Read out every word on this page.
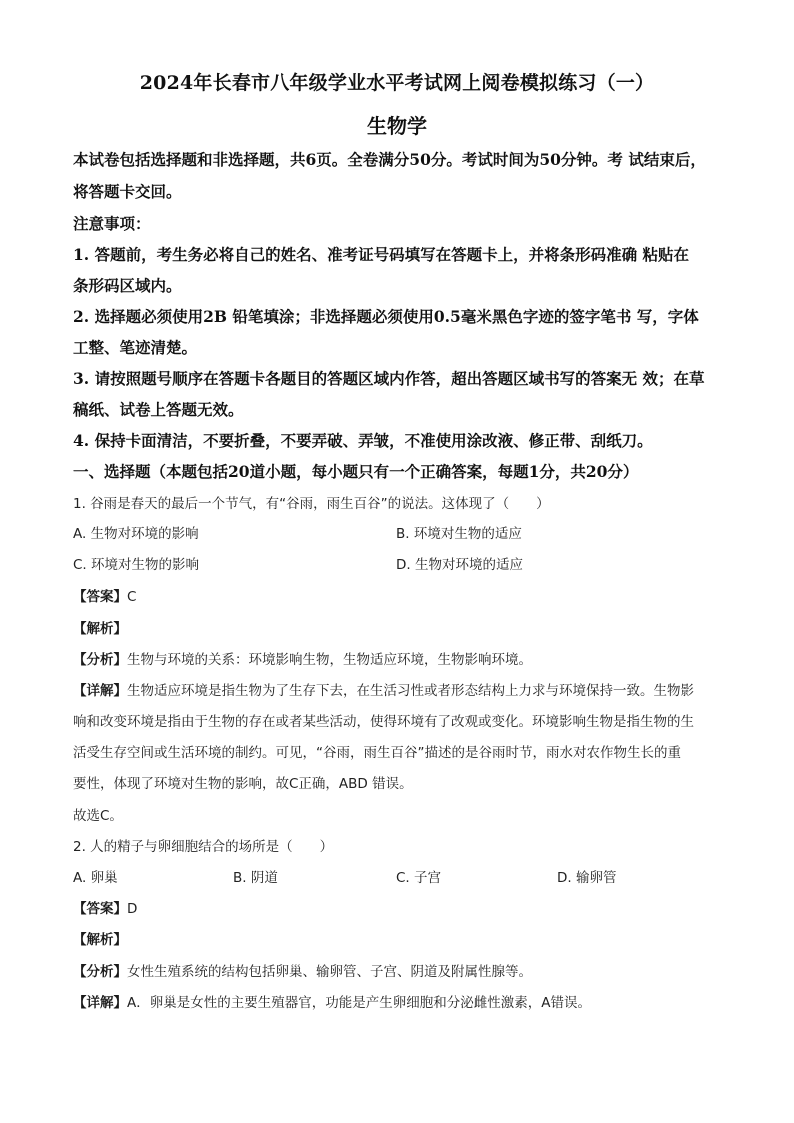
2024年长春市八年级学业水平考试网上阅卷模拟练习（一）
生物学
本试卷包括选择题和非选择题，共6页。全卷满分50分。考试时间为50分钟。考 试结束后，
将答题卡交回。
注意事项：
1. 答题前，考生务必将自己的姓名、准考证号码填写在答题卡上，并将条形码准确 粘贴在
条形码区域内。
2. 选择题必须使用2B 铅笔填涂；非选择题必须使用0.5毫米黑色字迹的签字笔书 写，字体
工整、笔迹清楚。
3. 请按照题号顺序在答题卡各题目的答题区域内作答，超出答题区域书写的答案无 效；在草
稿纸、试卷上答题无效。
4. 保持卡面清洁，不要折叠，不要弄破、弄皱，不准使用涂改液、修正带、刮纸刀。
一、选择题（本题包括20道小题，每小题只有一个正确答案，每题1分，共20分）
1. 谷雨是春天的最后一个节气，有“谷雨，雨生百谷”的说法。这体现了（　　）
A. 生物对环境的影响	B. 环境对生物的适应
C. 环境对生物的影响	D. 生物对环境的适应
【答案】C
【解析】
【分析】生物与环境的关系：环境影响生物，生物适应环境，生物影响环境。
【详解】生物适应环境是指生物为了生存下去，在生活习性或者形态结构上力求与环境保持一致。生物影
响和改变环境是指由于生物的存在或者某些活动，使得环境有了改观或变化。环境影响生物是指生物的生
活受生存空间或生活环境的制约。可见，“谷雨，雨生百谷”描述的是谷雨时节，雨水对农作物生长的重
要性，体现了环境对生物的影响，故C正确，ABD 错误。
故选C。
2. 人的精子与卵细胞结合的场所是（　　）
A. 卵巢	B. 阴道	C. 子宫	D. 输卵管
【答案】D
【解析】
【分析】女性生殖系统的结构包括卵巢、输卵管、子宫、阴道及附属性腺等。
【详解】A．卵巢是女性的主要生殖器官，功能是产生卵细胞和分泌雌性激素，A错误。
